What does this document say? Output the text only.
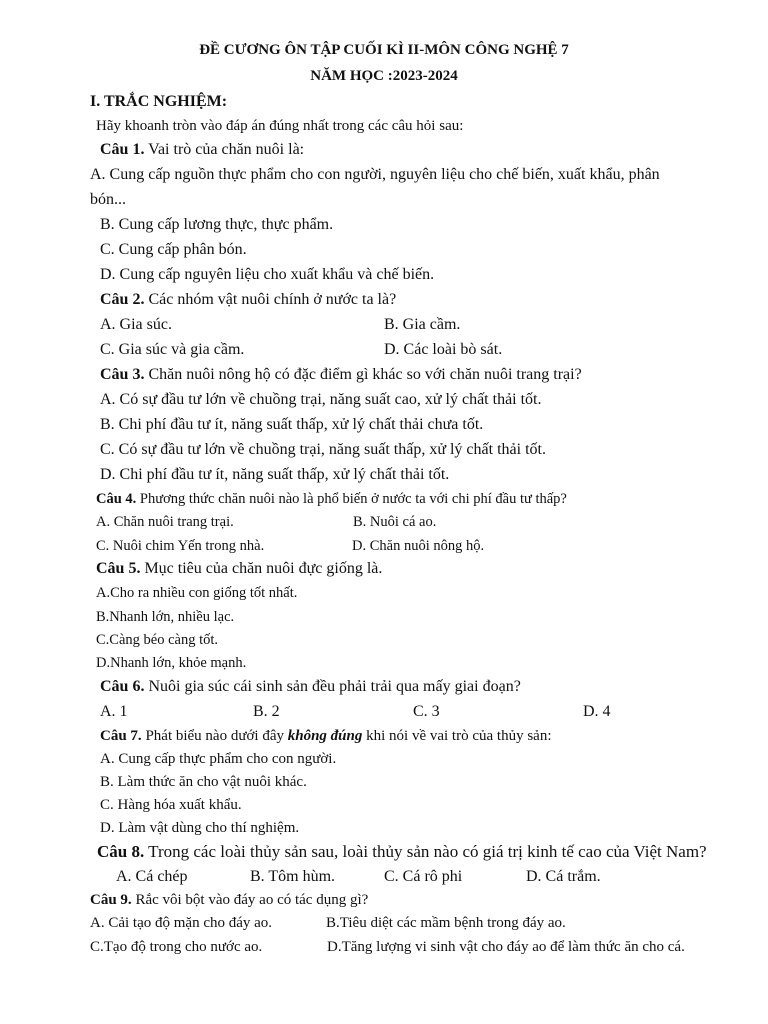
ĐỀ CƯƠNG ÔN TẬP CUỐI KÌ II-MÔN CÔNG NGHỆ 7
NĂM HỌC :2023-2024
I. TRẮC NGHIỆM:
Hãy khoanh tròn vào đáp án đúng nhất trong các câu hỏi sau:
Câu 1. Vai trò của chăn nuôi là:
A. Cung cấp nguồn thực phẩm cho con người, nguyên liệu cho chế biến, xuất khẩu, phân
bón...
B. Cung cấp lương thực, thực phẩm.
C. Cung cấp phân bón.
D. Cung cấp nguyên liệu cho xuất khẩu và chế biến.
Câu 2. Các nhóm vật nuôi chính ở nước ta là?
A. Gia súc.	B. Gia cầm.
C. Gia súc và gia cầm.	D. Các loài bò sát.
Câu 3. Chăn nuôi nông hộ có đặc điểm gì khác so với chăn nuôi trang trại?
A. Có sự đầu tư lớn về chuồng trại, năng suất cao, xử lý chất thải tốt.
B. Chi phí đầu tư ít, năng suất thấp, xử lý chất thải chưa tốt.
C. Có sự đầu tư lớn về chuồng trại, năng suất thấp, xử lý chất thải tốt.
D. Chi phí đầu tư ít, năng suất thấp, xử lý chất thải tốt.
Câu 4. Phương thức chăn nuôi nào là phổ biến ở nước ta với chi phí đầu tư thấp?
A. Chăn nuôi trang trại.	B. Nuôi cá ao.
C. Nuôi chim Yến trong nhà.	D. Chăn nuôi nông hộ.
Câu 5. Mục tiêu của chăn nuôi đực giống là.
A.Cho ra nhiều con giống tốt nhất.
B.Nhanh lớn, nhiều lạc.
C.Càng béo càng tốt.
D.Nhanh lớn, khỏe mạnh.
Câu 6. Nuôi gia súc cái sinh sản đều phải trải qua mấy giai đoạn?
A. 1	B. 2	C. 3	D. 4
Câu 7. Phát biểu nào dưới đây không đúng khi nói về vai trò của thủy sản:
A. Cung cấp thực phẩm cho con người.
B. Làm thức ăn cho vật nuôi khác.
C. Hàng hóa xuất khẩu.
D. Làm vật dùng cho thí nghiệm.
Câu 8. Trong các loài thủy sản sau, loài thủy sản nào có giá trị kinh tế cao của Việt Nam?
A. Cá chép	B. Tôm hùm.	C. Cá rô phi	D. Cá trắm.
Câu 9. Rắc vôi bột vào đáy ao có tác dụng gì?
A. Cải tạo độ mặn cho đáy ao.	B.Tiêu diệt các mầm bệnh trong đáy ao.
C.Tạo độ trong cho nước ao.	D.Tăng lượng vi sinh vật cho đáy ao để làm thức ăn cho cá.
